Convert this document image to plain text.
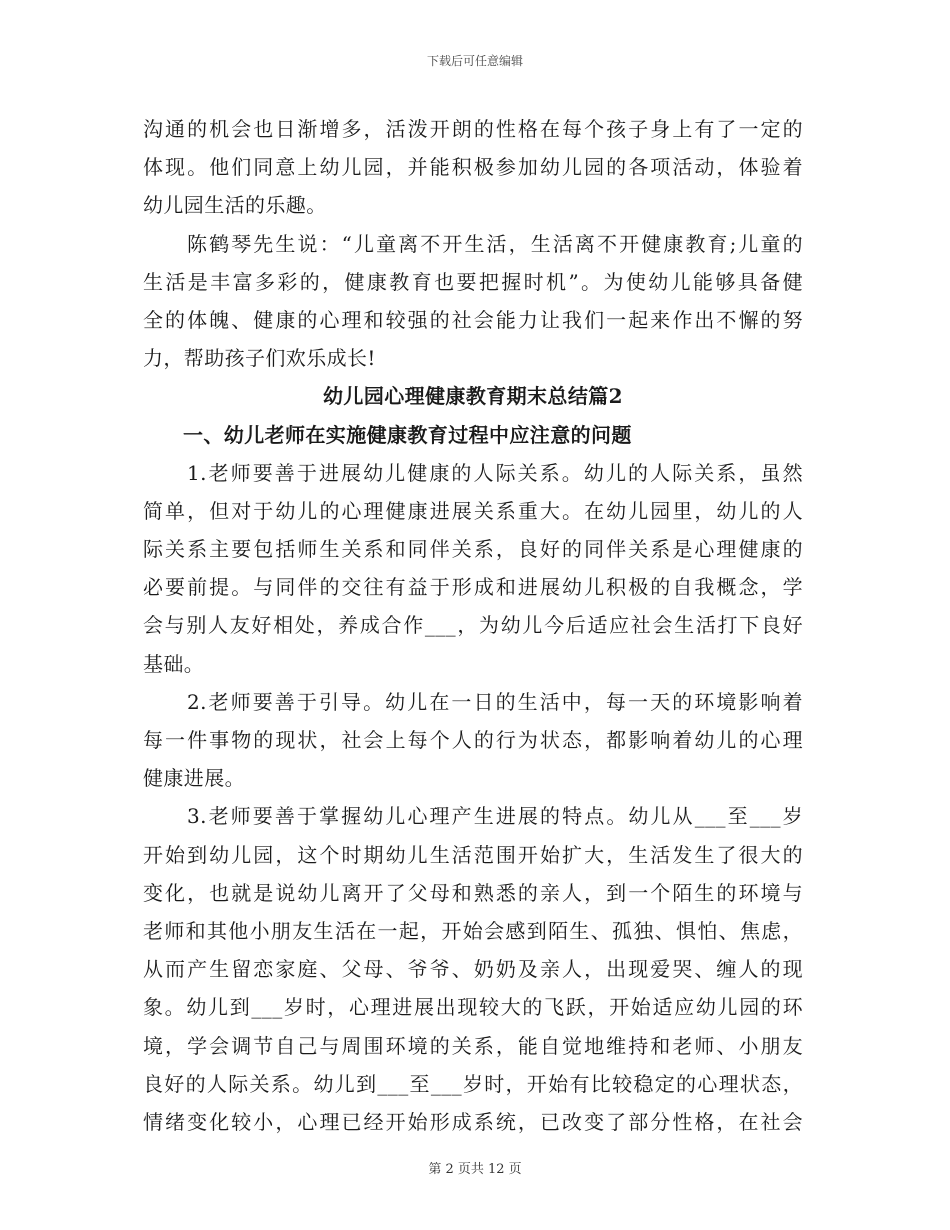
下载后可任意编辑
沟通的机会也日渐增多，活泼开朗的性格在每个孩子身上有了一定的
体现。他们同意上幼儿园，并能积极参加幼儿园的各项活动，体验着
幼儿园生活的乐趣。
陈鹤琴先生说：“儿童离不开生活，生活离不开健康教育;儿童的
生活是丰富多彩的，健康教育也要把握时机”。为使幼儿能够具备健
全的体魄、健康的心理和较强的社会能力让我们一起来作出不懈的努
力，帮助孩子们欢乐成长!
幼儿园心理健康教育期末总结篇2
一、幼儿老师在实施健康教育过程中应注意的问题
1.老师要善于进展幼儿健康的人际关系。幼儿的人际关系，虽然
简单，但对于幼儿的心理健康进展关系重大。在幼儿园里，幼儿的人
际关系主要包括师生关系和同伴关系，良好的同伴关系是心理健康的
必要前提。与同伴的交往有益于形成和进展幼儿积极的自我概念，学
会与别人友好相处，养成合作___，为幼儿今后适应社会生活打下良好
基础。
2.老师要善于引导。幼儿在一日的生活中，每一天的环境影响着
每一件事物的现状，社会上每个人的行为状态，都影响着幼儿的心理
健康进展。
3.老师要善于掌握幼儿心理产生进展的特点。幼儿从___至___岁
开始到幼儿园，这个时期幼儿生活范围开始扩大，生活发生了很大的
变化，也就是说幼儿离开了父母和熟悉的亲人，到一个陌生的环境与
老师和其他小朋友生活在一起，开始会感到陌生、孤独、惧怕、焦虑，
从而产生留恋家庭、父母、爷爷、奶奶及亲人，出现爱哭、缠人的现
象。幼儿到___岁时，心理进展出现较大的飞跃，开始适应幼儿园的环
境，学会调节自己与周围环境的关系，能自觉地维持和老师、小朋友
良好的人际关系。幼儿到___至___岁时，开始有比较稳定的心理状态，
情绪变化较小，心理已经开始形成系统，已改变了部分性格，在社会
第 2 页共 12 页
